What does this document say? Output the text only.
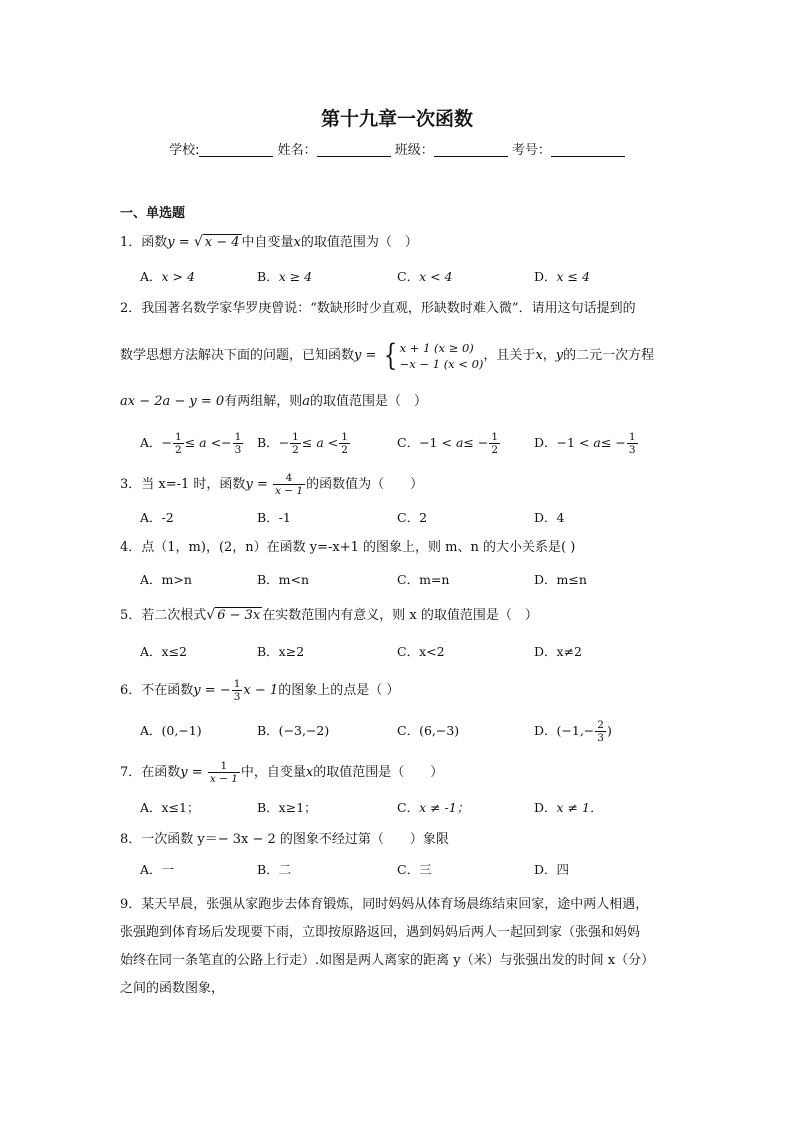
第十九章一次函数
学校:	姓名：	班级：	考号：
一、单选题
1．函数y = √ x − 4 中自变量x的取值范围为（　）
A．x > 4	B．x ≥ 4	C．x < 4	D．x ≤ 4
2．我国著名数学家华罗庚曾说：“数缺形时少直观，形缺数时难入微”．请用这句话提到的
数学思想方法解决下面的问题，已知函数y = { x + 1 (x ≥ 0)
−x − 1 (x < 0)
，且关于x，y的二元一次方程
ax − 2a − y = 0有两组解，则a的取值范围是（　）
A．− $\frac{1}{2} \le a <- \frac{1}{3}$ B．− $\frac{1}{2} \le a < \frac{1}{2}$	C．$-1 < a\le - \frac{1}{2}$	D．$-1 < a\le - \frac{1}{3}$
3．当 x=-1 时，函数$y = \frac{4}{x - 1}$ 的函数值为（　　）
A．-2	B．-1	C．2	D．4
4．点（1，m)，(2，n）在函数 y=-x+1 的图象上，则 m、n 的大小关系是( )
A．m>n	B．m<n	C．m=n	D．m≤n
5．若二次根式√ 6 − 3x 在实数范围内有意义，则 x 的取值范围是（　）
A．x≤2	B．x≥2	C．x<2	D．x≠2
6．不在函数y = − $\frac{1}{3}$ x − 1的图象上的点是（ ）
A．(0,−1)	B．(−3,−2)	C．(6,−3)	D．($-1,- \frac{2}{3}$ )
7．在函数$y = \frac{1}{x - 1}$ 中，自变量x的取值范围是（　　）
A．x≤1；	B．x≥1；	C．x ≠ -1；	D．x ≠ 1．
8．一次函数 y＝− 3x − 2 的图象不经过第（　　）象限
A．一	B．二	C．三	D．四
9．某天早晨，张强从家跑步去体育锻炼，同时妈妈从体育场晨练结束回家，途中两人相遇，
张强跑到体育场后发现要下雨，立即按原路返回，遇到妈妈后两人一起回到家（张强和妈妈
始终在同一条笔直的公路上行走）.如图是两人离家的距离 y（米）与张强出发的时间 x（分）
之间的函数图象，
